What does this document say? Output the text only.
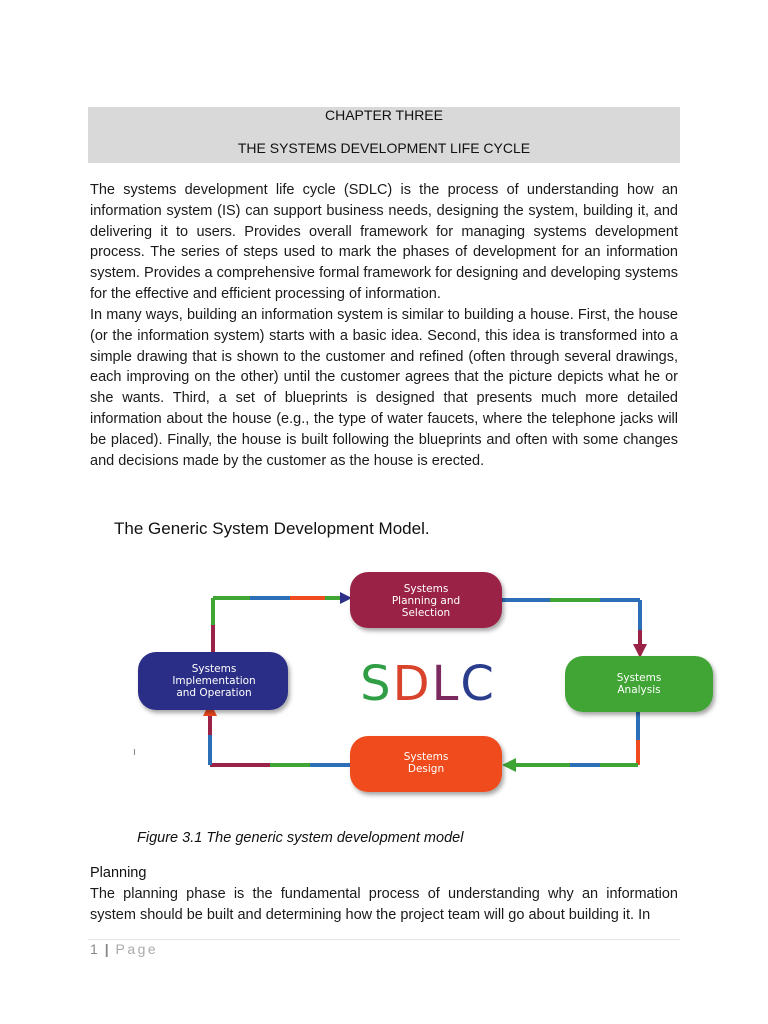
CHAPTER THREE
THE SYSTEMS DEVELOPMENT LIFE CYCLE

The systems development life cycle (SDLC) is the process of understanding how an information system (IS) can support business needs, designing the system, building it, and delivering it to users. Provides overall framework for managing systems development process. The series of steps used to mark the phases of development for an information system. Provides a comprehensive formal framework for designing and developing systems for the effective and efficient processing of information.

In many ways, building an information system is similar to building a house. First, the house (or the information system) starts with a basic idea. Second, this idea is transformed into a simple drawing that is shown to the customer and refined (often through several drawings, each improving on the other) until the customer agrees that the picture depicts what he or she wants. Third, a set of blueprints is designed that presents much more detailed information about the house (e.g., the type of water faucets, where the telephone jacks will be placed). Finally, the house is built following the blueprints and often with some changes and decisions made by the customer as the house is erected.

The Generic System Development Model.
Systems
Planning and
Selection
Systems
Analysis
Systems
Design
Systems
Implementation
and Operation SDLC
Figure 3.1 The generic system development model
Planning

The planning phase is the fundamental process of understanding why an information system should be built and determining how the project team will go about building it. In

1 | Page
